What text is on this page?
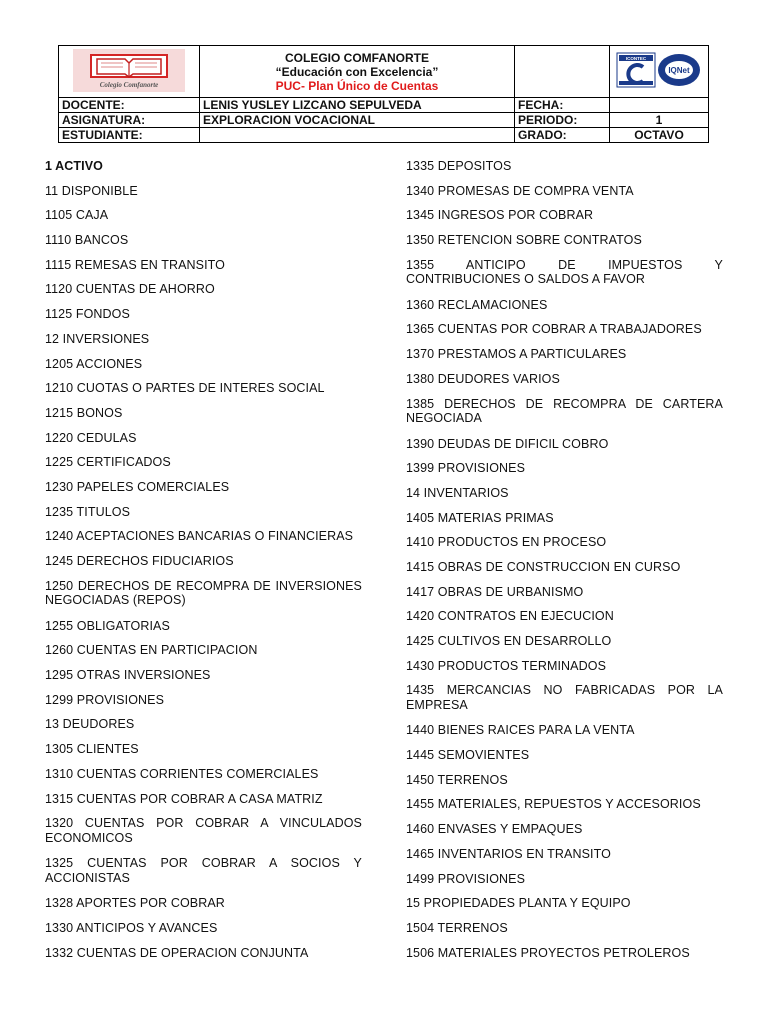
Colegio Comfanorte	COLEGIO COMFANORTE
“Educación con Excelencia”
PUC- Plan Único de Cuentas		ICONTEC
IQNet

DOCENTE:	LENIS YUSLEY LIZCANO SEPULVEDA	FECHA:	
ASIGNATURA:	EXPLORACION VOCACIONAL	PERIODO:	1
ESTUDIANTE:		GRADO:	OCTAVO
1 ACTIVO
11 DISPONIBLE
1105 CAJA
1110 BANCOS
1115 REMESAS EN TRANSITO
1120 CUENTAS DE AHORRO
1125 FONDOS
12 INVERSIONES
1205 ACCIONES
1210 CUOTAS O PARTES DE INTERES SOCIAL
1215 BONOS
1220 CEDULAS
1225 CERTIFICADOS
1230 PAPELES COMERCIALES
1235 TITULOS
1240 ACEPTACIONES BANCARIAS O FINANCIERAS
1245 DERECHOS FIDUCIARIOS
1250 DERECHOS DE RECOMPRA DE INVERSIONES NEGOCIADAS (REPOS)
1255 OBLIGATORIAS
1260 CUENTAS EN PARTICIPACION
1295 OTRAS INVERSIONES
1299 PROVISIONES
13 DEUDORES
1305 CLIENTES
1310 CUENTAS CORRIENTES COMERCIALES
1315 CUENTAS POR COBRAR A CASA MATRIZ
1320 CUENTAS POR COBRAR A VINCULADOS ECONOMICOS
1325 CUENTAS POR COBRAR A SOCIOS Y ACCIONISTAS
1328 APORTES POR COBRAR
1330 ANTICIPOS Y AVANCES
1332 CUENTAS DE OPERACION CONJUNTA
1335 DEPOSITOS
1340 PROMESAS DE COMPRA VENTA
1345 INGRESOS POR COBRAR
1350 RETENCION SOBRE CONTRATOS
1355 ANTICIPO DE IMPUESTOS Y CONTRIBUCIONES O SALDOS A FAVOR
1360 RECLAMACIONES
1365 CUENTAS POR COBRAR A TRABAJADORES
1370 PRESTAMOS A PARTICULARES
1380 DEUDORES VARIOS
1385 DERECHOS DE RECOMPRA DE CARTERA NEGOCIADA
1390 DEUDAS DE DIFICIL COBRO
1399 PROVISIONES
14 INVENTARIOS
1405 MATERIAS PRIMAS
1410 PRODUCTOS EN PROCESO
1415 OBRAS DE CONSTRUCCION EN CURSO
1417 OBRAS DE URBANISMO
1420 CONTRATOS EN EJECUCION
1425 CULTIVOS EN DESARROLLO
1430 PRODUCTOS TERMINADOS
1435 MERCANCIAS NO FABRICADAS POR LA EMPRESA
1440 BIENES RAICES PARA LA VENTA
1445 SEMOVIENTES
1450 TERRENOS
1455 MATERIALES, REPUESTOS Y ACCESORIOS
1460 ENVASES Y EMPAQUES
1465 INVENTARIOS EN TRANSITO
1499 PROVISIONES
15 PROPIEDADES PLANTA Y EQUIPO
1504 TERRENOS
1506 MATERIALES PROYECTOS PETROLEROS
